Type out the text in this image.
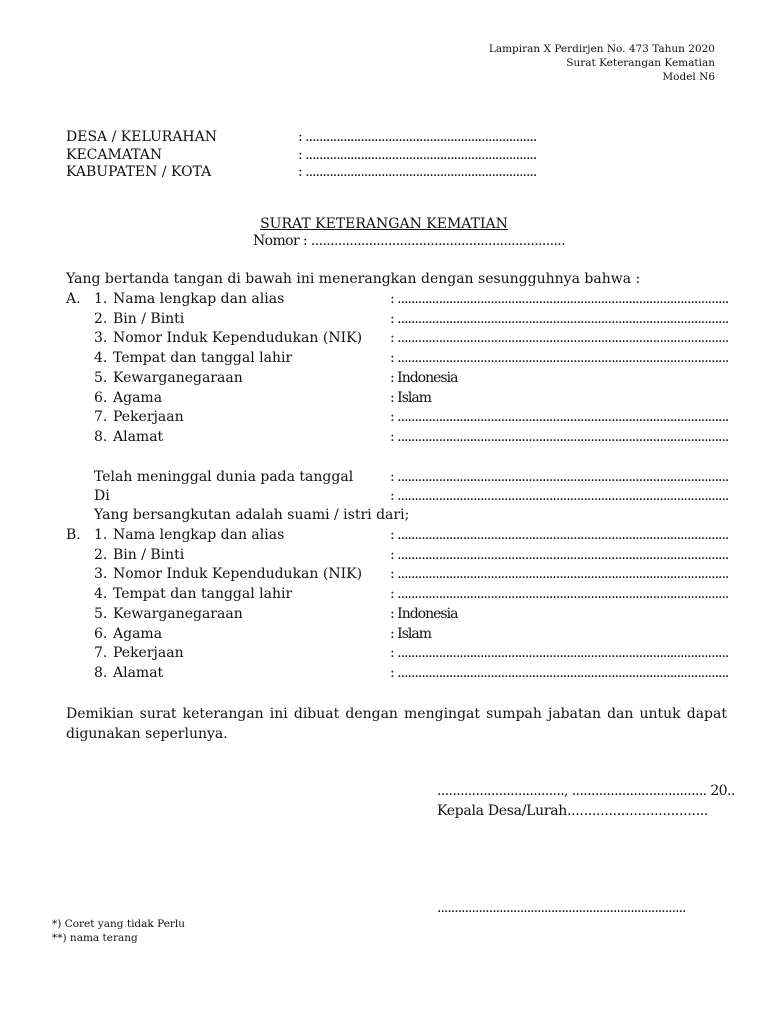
Lampiran X Perdirjen No. 473 Tahun 2020
Surat Keterangan Kematian
Model N6
DESA / KELURAHAN	: ...................................................................
KECAMATAN	: ...................................................................
KABUPATEN / KOTA	: ...................................................................
SURAT KETERANGAN KEMATIAN
Nomor : ..................................................................
Yang bertanda tangan di bawah ini menerangkan dengan sesungguhnya bahwa :
A. 1. Nama lengkap dan alias	: ................................................................................................
2. Bin / Binti	: ................................................................................................
3. Nomor Induk Kependudukan (NIK) : ................................................................................................
4. Tempat dan tanggal lahir	: ................................................................................................
5. Kewarganegaraan	: Indonesia
6. Agama	: Islam
7. Pekerjaan	: ................................................................................................
8. Alamat	: ................................................................................................
Telah meninggal dunia pada tanggal	: ................................................................................................
Di	: ................................................................................................
Yang bersangkutan adalah suami / istri dari;
B. 1. Nama lengkap dan alias	: ................................................................................................
2. Bin / Binti	: ................................................................................................
3. Nomor Induk Kependudukan (NIK) : ................................................................................................
4. Tempat dan tanggal lahir	: ................................................................................................
5. Kewarganegaraan	: Indonesia
6. Agama	: Islam
7. Pekerjaan	: ................................................................................................
8. Alamat	: ................................................................................................
Demikian surat keterangan ini dibuat dengan mengingat sumpah jabatan dan untuk dapat digunakan seperlunya.
................................., ................................... 20..
Kepala Desa/Lurah..................................
........................................................................
*) Coret yang tidak Perlu
**) nama terang
